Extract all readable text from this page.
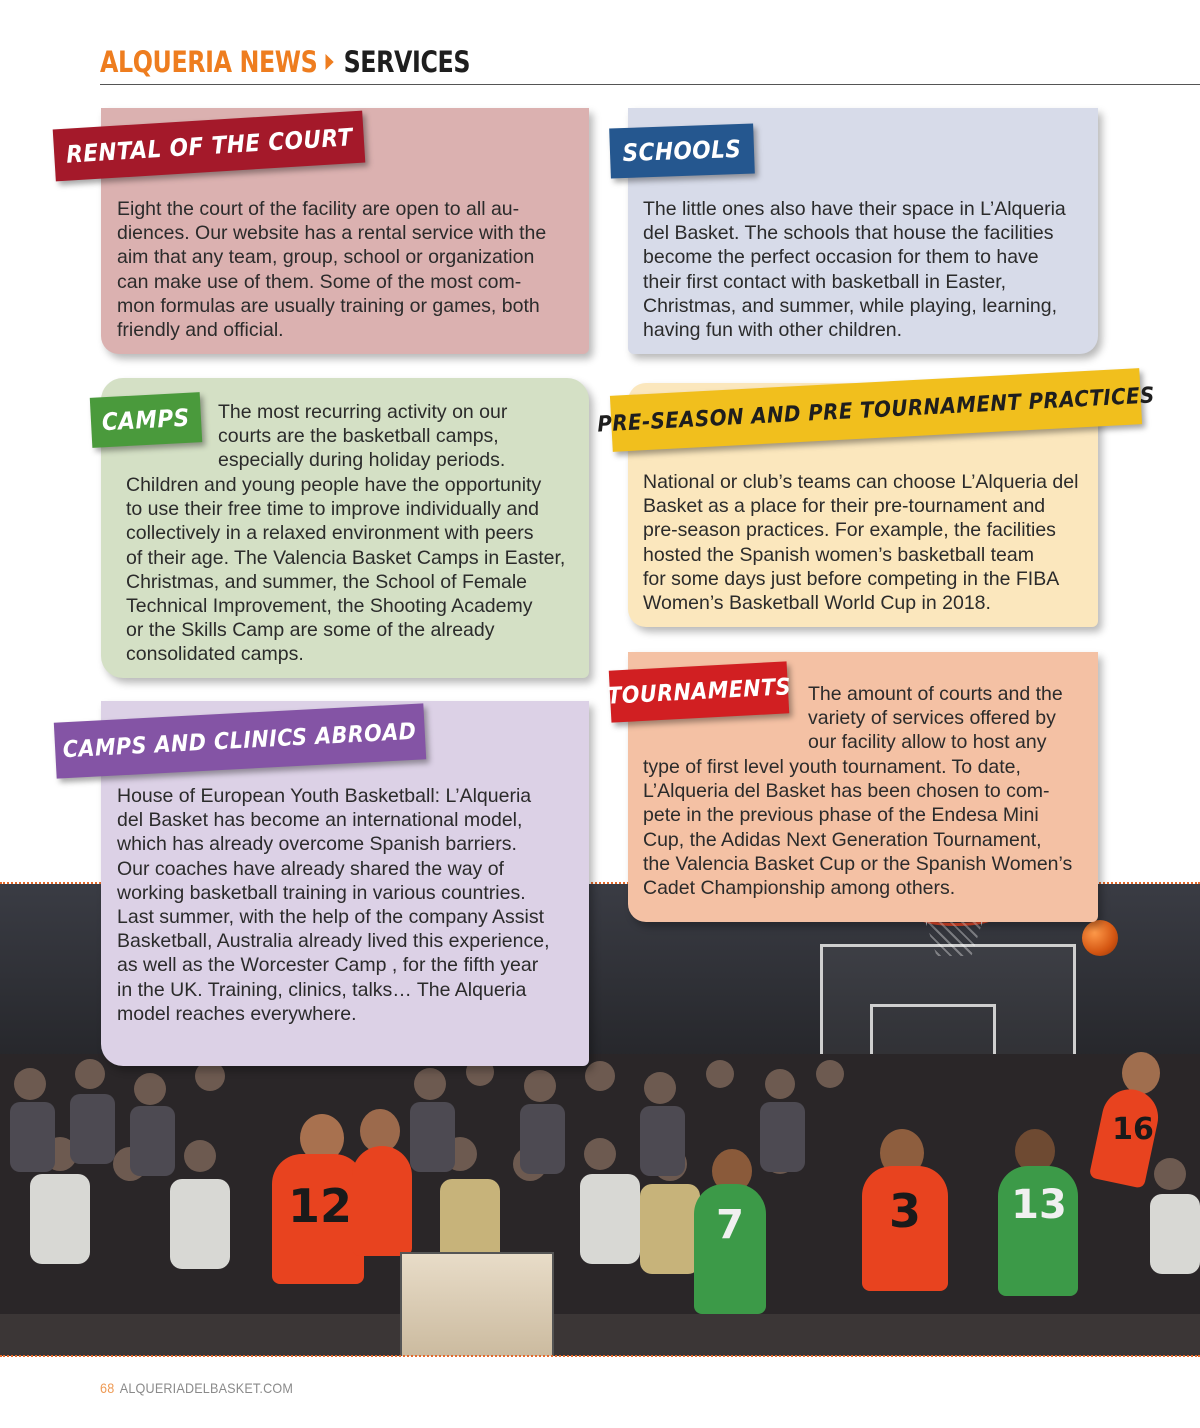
ALQUERIA NEWS SERVICES
12	3
7	13
16
Eight the court of the facility are open to all au-
diences. Our website has a rental service with the
aim that any team, group, school or organization
can make use of them. Some of the most com-
mon formulas are usually training or games, both
friendly and official.
RENTAL OF THE COURT
The little ones also have their space in L’Alqueria
del Basket. The schools that house the facilities
become the perfect occasion for them to have
their first contact with basketball in Easter,
Christmas, and summer, while playing, learning,
having fun with other children.
SCHOOLS
The most recurring activity on our
courts are the basketball camps,
especially during holiday periods.
Children and young people have the opportunity
to use their free time to improve individually and
collectively in a relaxed environment with peers
of their age. The Valencia Basket Camps in Easter,
Christmas, and summer, the School of Female
Technical Improvement, the Shooting Academy
or the Skills Camp are some of the already
consolidated camps.
CAMPS
National or club’s teams can choose L’Alqueria del
Basket as a place for their pre-tournament and
pre-season practices. For example, the facilities
hosted the Spanish women’s basketball team
for some days just before competing in the FIBA
Women’s Basketball World Cup in 2018.
PRE-SEASON AND PRE TOURNAMENT PRACTICES
The amount of courts and the
variety of services offered by
our facility allow to host any
type of first level youth tournament. To date,
L’Alqueria del Basket has been chosen to com-
pete in the previous phase of the Endesa Mini
Cup, the Adidas Next Generation Tournament,
the Valencia Basket Cup or the Spanish Women’s
Cadet Championship among others.
TOURNAMENTS
House of European Youth Basketball: L’Alqueria
del Basket has become an international model,
which has already overcome Spanish barriers.
Our coaches have already shared the way of
working basketball training in various countries.
Last summer, with the help of the company Assist
Basketball, Australia already lived this experience,
as well as the Worcester Camp , for the fifth year
in the UK. Training, clinics, talks… The Alqueria
model reaches everywhere.
CAMPS AND CLINICS ABROAD
68 ALQUERIADELBASKET.COM
